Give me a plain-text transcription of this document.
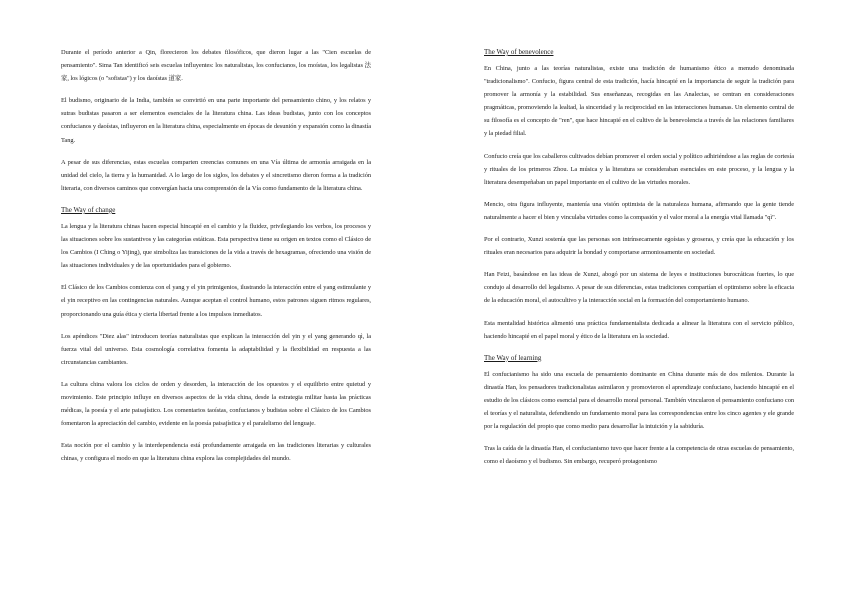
Durante el período anterior a Qin, florecieron los debates filosóficos, que dieron lugar a las "Cien escuelas de pensamiento". Sima Tan identificó seis escuelas influyentes: los naturalistas, los confucianos, los moístas, los legalistas 法家, los lógicos (o "sofistas") y los daoístas 道家.

El budismo, originario de la India, también se convirtió en una parte importante del pensamiento chino, y los relatos y sutras budistas pasaron a ser elementos esenciales de la literatura china. Las ideas budistas, junto con los conceptos confucianos y daoístas, influyeron en la literatura china, especialmente en épocas de desunión y expansión como la dinastía Tang.

A pesar de sus diferencias, estas escuelas comparten creencias comunes en una Vía última de armonía arraigada en la unidad del cielo, la tierra y la humanidad. A lo largo de los siglos, los debates y el sincretismo dieron forma a la tradición literaria, con diversos caminos que convergían hacia una comprensión de la Vía como fundamento de la literatura china.

The Way of change

La lengua y la literatura chinas hacen especial hincapié en el cambio y la fluidez, privilegiando los verbos, los procesos y las situaciones sobre los sustantivos y las categorías estáticas. Esta perspectiva tiene su origen en textos como el Clásico de los Cambios (I Ching o Yijing), que simboliza las transiciones de la vida a través de hexagramas, ofreciendo una visión de las situaciones individuales y de las oportunidades para el gobierno.

El Clásico de los Cambios comienza con el yang y el yin primigenios, ilustrando la interacción entre el yang estimulante y el yin receptivo en las contingencias naturales. Aunque aceptan el control humano, estos patrones siguen ritmos regulares, proporcionando una guía ética y cierta libertad frente a los impulsos inmediatos.

Los apéndices "Diez alas" introducen teorías naturalistas que explican la interacción del yin y el yang generando qì, la fuerza vital del universo. Esta cosmología correlativa fomenta la adaptabilidad y la flexibilidad en respuesta a las circunstancias cambiantes.

La cultura china valora los ciclos de orden y desorden, la interacción de los opuestos y el equilibrio entre quietud y movimiento. Este principio influye en diversos aspectos de la vida china, desde la estrategia militar hasta las prácticas médicas, la poesía y el arte paisajístico. Los comentarios taoístas, confucianos y budistas sobre el Clásico de los Cambios fomentaron la apreciación del cambio, evidente en la poesía paisajística y el paralelismo del lenguaje.

Esta noción por el cambio y la interdependencia está profundamente arraigada en las tradiciones literarias y culturales chinas, y configura el modo en que la literatura china explora las complejidades del mundo.

The Way of benevolence

En China, junto a las teorías naturalistas, existe una tradición de humanismo ético a menudo denominada "tradicionalismo". Confucio, figura central de esta tradición, hacía hincapié en la importancia de seguir la tradición para promover la armonía y la estabilidad. Sus enseñanzas, recogidas en las Analectas, se centran en consideraciones pragmáticas, promoviendo la lealtad, la sinceridad y la reciprocidad en las interacciones humanas. Un elemento central de su filosofía es el concepto de "ren", que hace hincapié en el cultivo de la benevolencia a través de las relaciones familiares y la piedad filial.

Confucio creía que los caballeros cultivados debían promover el orden social y político adhiriéndose a las reglas de cortesía y rituales de los primeros Zhou. La música y la literatura se consideraban esenciales en este proceso, y la lengua y la literatura desempeñaban un papel importante en el cultivo de las virtudes morales.

Mencio, otra figura influyente, mantenía una visión optimista de la naturaleza humana, afirmando que la gente tiende naturalmente a hacer el bien y vinculaba virtudes como la compasión y el valor moral a la energía vital llamada "qì".

Por el contrario, Xunzi sostenía que las personas son intrínsecamente egoístas y groseras, y creía que la educación y los rituales eran necesarios para adquirir la bondad y comportarse armoniosamente en sociedad.

Han Feizi, basándose en las ideas de Xunzi, abogó por un sistema de leyes e instituciones burocráticas fuertes, lo que condujo al desarrollo del legalismo. A pesar de sus diferencias, estas tradiciones compartían el optimismo sobre la eficacia de la educación moral, el autocultivo y la interacción social en la formación del comportamiento humano.

Esta mentalidad histórica alimentó una práctica fundamentalista dedicada a alinear la literatura con el servicio público, haciendo hincapié en el papel moral y ético de la literatura en la sociedad.

The Way of learning

El confucianismo ha sido una escuela de pensamiento dominante en China durante más de dos milenios. Durante la dinastía Han, los pensadores tradicionalistas asimilaron y promovieron el aprendizaje confuciano, haciendo hincapié en el estudio de los clásicos como esencial para el desarrollo moral personal. También vincularon el pensamiento confuciano con el teorías y el naturalista, defendiendo un fundamento moral para las correspondencias entre los cinco agentes y ele grande por la regulación del propio que como medio para desarrollar la intuición y la sabiduría.

Tras la caída de la dinastía Han, el confucianismo tuvo que hacer frente a la competencia de otras escuelas de pensamiento, como el daoísmo y el budismo. Sin embargo, recuperó protagonismo
